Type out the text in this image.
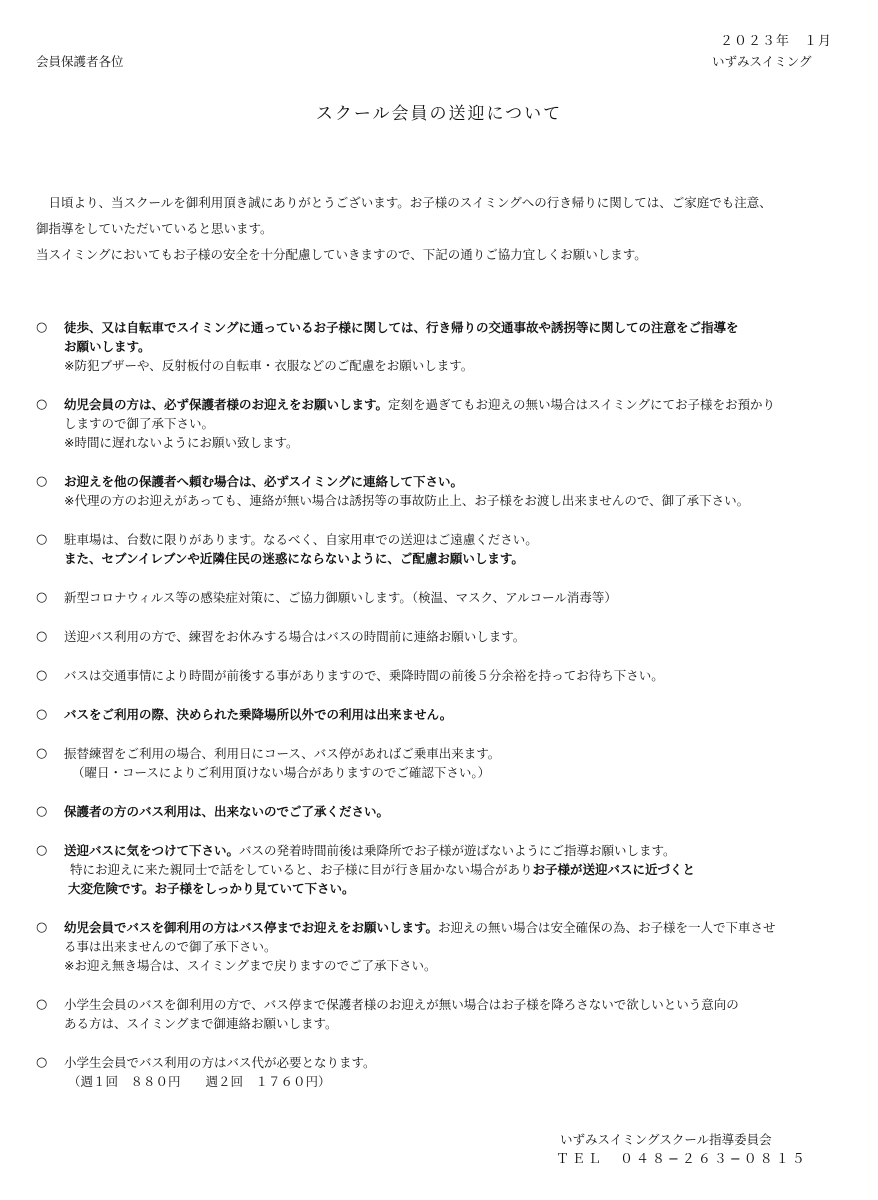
２０２３年　１月
いずみスイミング
会員保護者各位
スクール会員の送迎について

　日頃より、当スクールを御利用頂き誠にありがとうございます。お子様のスイミングへの行き帰りに関しては、ご家庭でも注意、

御指導をしていただいていると思います。

当スイミングにおいてもお子様の安全を十分配慮していきますので、下記の通りご協力宜しくお願いします。

○	徒歩、又は自転車でスイミングに通っているお子様に関しては、行き帰りの交通事故や誘拐等に関しての注意をご指導を

お願いします。

※防犯ブザーや、反射板付の自転車・衣服などのご配慮をお願いします。

○	幼児会員の方は、必ず保護者様のお迎えをお願いします。定刻を過ぎてもお迎えの無い場合はスイミングにてお子様をお預かり

しますので御了承下さい。

※時間に遅れないようにお願い致します。

○	お迎えを他の保護者へ頼む場合は、必ずスイミングに連絡して下さい。

※代理の方のお迎えがあっても、連絡が無い場合は誘拐等の事故防止上、お子様をお渡し出来ませんので、御了承下さい。

○	駐車場は、台数に限りがあります。なるべく、自家用車での送迎はご遠慮ください。

また、セブンイレブンや近隣住民の迷惑にならないように、ご配慮お願いします。

○	新型コロナウィルス等の感染症対策に、ご協力御願いします。（検温、マスク、アルコール消毒等）

○	送迎バス利用の方で、練習をお休みする場合はバスの時間前に連絡お願いします。

○	バスは交通事情により時間が前後する事がありますので、乗降時間の前後５分余裕を持ってお待ち下さい。

○	バスをご利用の際、決められた乗降場所以外での利用は出来ません。

○	振替練習をご利用の場合、利用日にコース、バス停があればご乗車出来ます。

（曜日・コースによりご利用頂けない場合がありますのでご確認下さい。）

○	保護者の方のバス利用は、出来ないのでご了承ください。

○	送迎バスに気をつけて下さい。バスの発着時間前後は乗降所でお子様が遊ばないようにご指導お願いします。

特にお迎えに来た親同士で話をしていると、お子様に目が行き届かない場合がありお子様が送迎バスに近づくと

大変危険です。お子様をしっかり見ていて下さい。

○	幼児会員でバスを御利用の方はバス停までお迎えをお願いします。お迎えの無い場合は安全確保の為、お子様を一人で下車させ

る事は出来ませんので御了承下さい。

※お迎え無き場合は、スイミングまで戻りますのでご了承下さい。

○	小学生会員のバスを御利用の方で、バス停まで保護者様のお迎えが無い場合はお子様を降ろさないで欲しいという意向の

ある方は、スイミングまで御連絡お願いします。

○	小学生会員でバス利用の方はバス代が必要となります。

（週１回　８８０円　　週２回　１７６０円）

いずみスイミングスクール指導委員会
ＴＥＬ　０４８−２６３−０８１５
